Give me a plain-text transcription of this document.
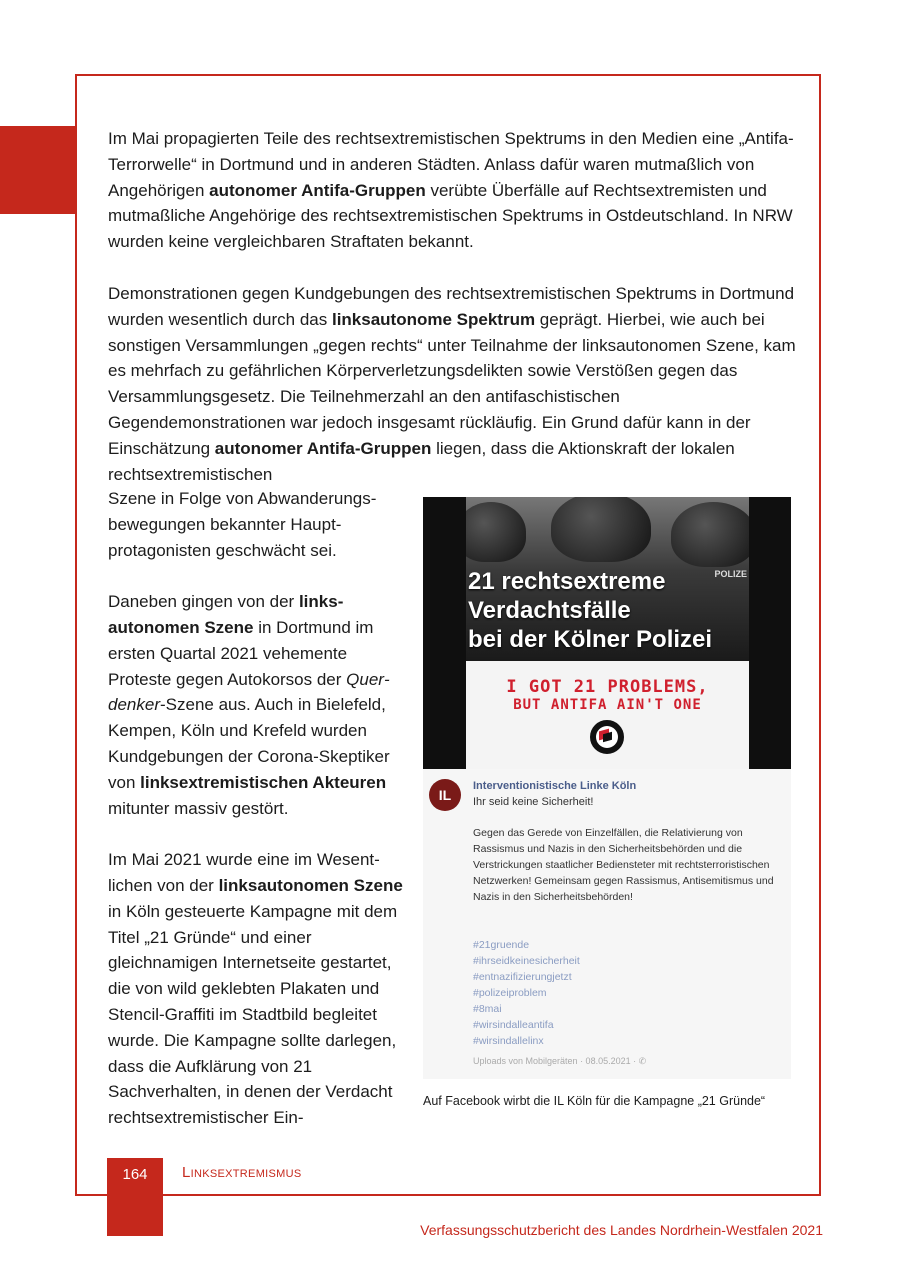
Im Mai propagierten Teile des rechtsextremistischen Spektrums in den Medien eine „Antifa-Terrorwelle“ in Dortmund und in anderen Städten. Anlass dafür waren mutmaßlich von Angehörigen autonomer Antifa-Gruppen verübte Überfälle auf Rechtsextremisten und mutmaßliche Angehörige des rechtsextremistischen Spektrums in Ostdeutschland. In NRW wurden keine vergleichbaren Straftaten bekannt.

Demonstrationen gegen Kundgebungen des rechtsextremistischen Spektrums in Dortmund wurden wesentlich durch das linksautonome Spektrum geprägt. Hierbei, wie auch bei sonstigen Versammlungen „gegen rechts“ unter Teilnahme der linksautonomen Szene, kam es mehrfach zu gefährlichen Körperverletzungsdelikten sowie Verstößen gegen das Versammlungsgesetz. Die Teilnehmerzahl an den antifaschistischen Gegendemonstrationen war jedoch insgesamt rückläufig. Ein Grund dafür kann in der Einschätzung autonomer Antifa-Gruppen liegen, dass die Aktionskraft der lokalen rechtsextremistischen

Szene in Folge von Abwanderungsbewegungen bekannter Hauptprotagonisten geschwächt sei.

Daneben gingen von der linksautonomen Szene in Dortmund im ersten Quartal 2021 vehemente Proteste gegen Autokorsos der Querdenker-Szene aus. Auch in Bielefeld, Kempen, Köln und Krefeld wurden Kundgebungen der Corona-Skeptiker von linksextremistischen Akteuren mitunter massiv gestört.

Im Mai 2021 wurde eine im Wesentlichen von der linksautonomen Szene in Köln gesteuerte Kampagne mit dem Titel „21 Gründe“ und einer gleichnamigen Internetseite gestartet, die von wild geklebten Plakaten und Stencil-Graffiti im Stadtbild begleitet wurde. Die Kampagne sollte darlegen, dass die Aufklärung von 21 Sachverhalten, in denen der Verdacht rechtsextremistischer Ein-

POLIZE
21 rechtsextreme
Verdachtsfälle
bei der Kölner Polizei
I GOT 21 PROBLEMS,
BUT ANTIFA AIN'T ONE
IL
Interventionistische Linke Köln
Ihr seid keine Sicherheit!
Gegen das Gerede von Einzelfällen, die Relativierung von Rassismus und Nazis in den Sicherheitsbehörden und die Verstrickungen staatlicher Bediensteter mit rechtsterroristischen Netzwerken! Gemeinsam gegen Rassismus, Antisemitismus und Nazis in den Sicherheitsbehörden!
#21gruende
#ihrseidkeinesicherheit
#entnazifizierungjetzt
#polizeiproblem
#8mai
#wirsindalleantifa
#wirsindallelinx
Uploads von Mobilgeräten · 08.05.2021 · ✆
Auf Facebook wirbt die IL Köln für die Kampagne „21 Gründe“
164	Linksextremismus
Verfassungsschutzbericht des Landes Nordrhein-Westfalen 2021
